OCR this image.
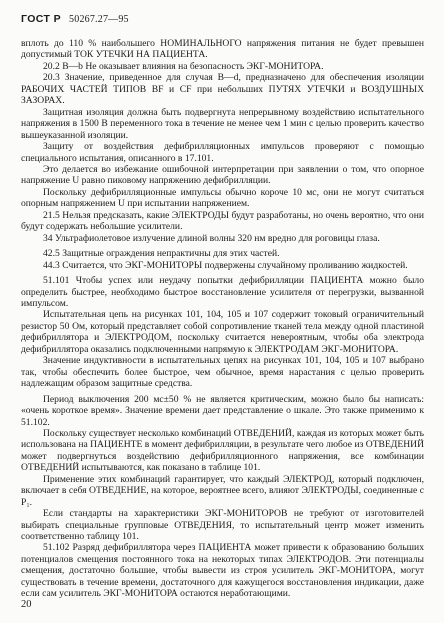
ГОСТ Р 50267.27—95

вплоть до 110 % наибольшего НОМИНАЛЬНОГО напряжения питания не будет превышен допустимый ТОК УТЕЧКИ НА ПАЦИЕНТА.

20.2 В—b Не оказывает влияния на безопасность ЭКГ-МОНИТОРА.

20.3 Значение, приведенное для случая В—d, предназначено для обеспечения изоляции РАБОЧИХ ЧАСТЕЙ ТИПОВ BF и CF при небольших ПУТЯХ УТЕЧКИ и ВОЗДУШНЫХ ЗАЗОРАХ.

Защитная изоляция должна быть подвергнута непрерывному воздействию испытательного напряжения в 1500 В переменного тока в течение не менее чем 1 мин с целью проверить качество вышеуказанной изоляции.

Защиту от воздействия дефибрилляционных импульсов проверяют с помощью специального испытания, описанного в 17.101.

Это делается во избежание ошибочной интерпретации при заявлении о том, что опорное напряжение U равно пиковому напряжению дефибрилляции.

Поскольку дефибрилляционные импульсы обычно короче 10 мс, они не могут считаться опорным напряжением U при испытании напряжением.

21.5 Нельзя предсказать, какие ЭЛЕКТРОДЫ будут разработаны, но очень вероятно, что они будут содержать небольшие усилители.

34 Ультрафиолетовое излучение длиной волны 320 нм вредно для роговицы глаза.

42.5 Защитные ограждения непрактичны для этих частей.

44.3 Считается, что ЭКГ-МОНИТОРЫ подвержены случайному проливанию жидкостей.

51.101 Чтобы успех или неудачу попытки дефибрилляции ПАЦИЕНТА можно было определить быстрее, необходимо быстрое восстановление усилителя от перегрузки, вызванной импульсом.

Испытательная цепь на рисунках 101, 104, 105 и 107 содержит токовый ограничительный резистор 50 Ом, который представляет собой сопротивление тканей тела между одной пластиной дефибриллятора и ЭЛЕКТРОДОМ, поскольку считается невероятным, чтобы оба электрода дефибриллятора оказались подключенными напрямую к ЭЛЕКТРОДАМ ЭКГ-МОНИТОРА.

Значение индуктивности в испытательных цепях на рисунках 101, 104, 105 и 107 выбрано так, чтобы обеспечить более быстрое, чем обычное, время нарастания с целью проверить надлежащим образом защитные средства.

Период выключения 200 мс±50 % не является критическим, можно было бы написать: «очень короткое время». Значение времени дает представление о шкале. Это также применимо к 51.102.

Поскольку существует несколько комбинаций ОТВЕДЕНИЙ, каждая из которых может быть использована на ПАЦИЕНТЕ в момент дефибрилляции, в результате чего любое из ОТВЕДЕНИЙ может подвергнуться воздействию дефибрилляционного напряжения, все комбинации ОТВЕДЕНИЙ испытываются, как показано в таблице 101.

Применение этих комбинаций гарантирует, что каждый ЭЛЕКТРОД, который подключен, включает в себя ОТВЕДЕНИЕ, на которое, вероятнее всего, влияют ЭЛЕКТРОДЫ, соединенные с P₁.

Если стандарты на характеристики ЭКГ-МОНИТОРОВ не требуют от изготовителей выбирать специальные групповые ОТВЕДЕНИЯ, то испытательный центр может изменить соответственно таблицу 101.

51.102 Разряд дефибриллятора через ПАЦИЕНТА может привести к образованию больших потенциалов смещения постоянного тока на некоторых типах ЭЛЕКТРОДОВ. Эти потенциалы смещения, достаточно большие, чтобы вывести из строя усилитель ЭКГ-МОНИТОРА, могут существовать в течение времени, достаточного для кажущегося восстановления индикации, даже если сам усилитель ЭКГ-МОНИТОРА остаются неработающими.

20
